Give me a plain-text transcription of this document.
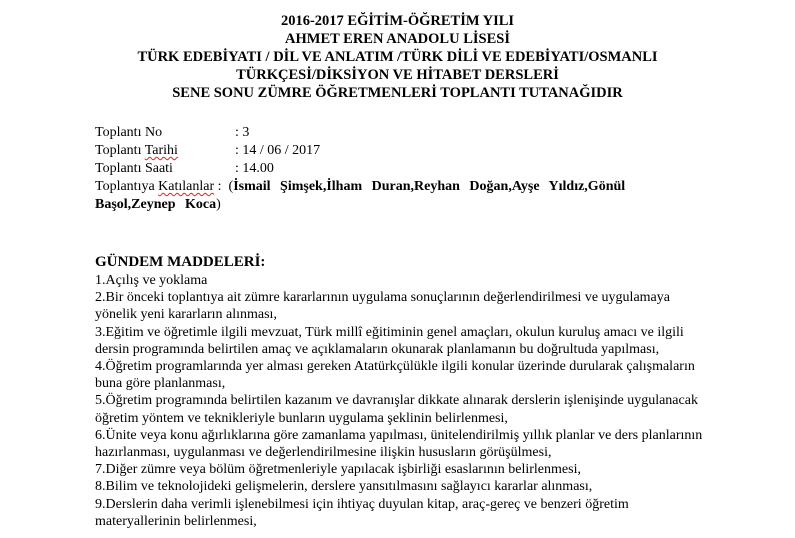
2016-2017 EĞİTİM-ÖĞRETİM YILI
AHMET EREN ANADOLU LİSESİ
TÜRK EDEBİYATI / DİL VE ANLATIM /TÜRK DİLİ VE EDEBİYATI/OSMANLI
TÜRKÇESİ/DİKSİYON VE HİTABET DERSLERİ
SENE SONU ZÜMRE ÖĞRETMENLERİ TOPLANTI TUTANAĞIDIR
Toplantı No	: 3
Toplantı Tarihi	: 14 / 06 / 2017
Toplantı Saati	: 14.00
Toplantıya Katılanlar :  (İsmail Şimşek,İlham Duran,Reyhan Doğan,Ayşe Yıldız,Gönül Başol,Zeynep Koca)
GÜNDEM MADDELERİ:
1.Açılış ve yoklama
2.Bir önceki toplantıya ait zümre kararlarının uygulama sonuçlarının değerlendirilmesi ve uygulamaya yönelik yeni kararların alınması,
3.Eğitim ve öğretimle ilgili mevzuat, Türk millî eğitiminin genel amaçları, okulun kuruluş amacı ve ilgili dersin programında belirtilen amaç ve açıklamaların okunarak planlamanın bu doğrultuda yapılması,
4.Öğretim programlarında yer alması gereken Atatürkçülükle ilgili konular üzerinde durularak çalışmaların buna göre planlanması,
5.Öğretim programında belirtilen kazanım ve davranışlar dikkate alınarak derslerin işlenişinde uygulanacak öğretim yöntem ve teknikleriyle bunların uygulama şeklinin belirlenmesi,
6.Ünite veya konu ağırlıklarına göre zamanlama yapılması, ünitelendirilmiş yıllık planlar ve ders planlarının hazırlanması, uygulanması ve değerlendirilmesine ilişkin hususların görüşülmesi,
7.Diğer zümre veya bölüm öğretmenleriyle yapılacak işbirliği esaslarının belirlenmesi,
8.Bilim ve teknolojideki gelişmelerin, derslere yansıtılmasını sağlayıcı kararlar alınması,
9.Derslerin daha verimli işlenebilmesi için ihtiyaç duyulan kitap, araç-gereç ve benzeri öğretim materyallerinin belirlenmesi,
